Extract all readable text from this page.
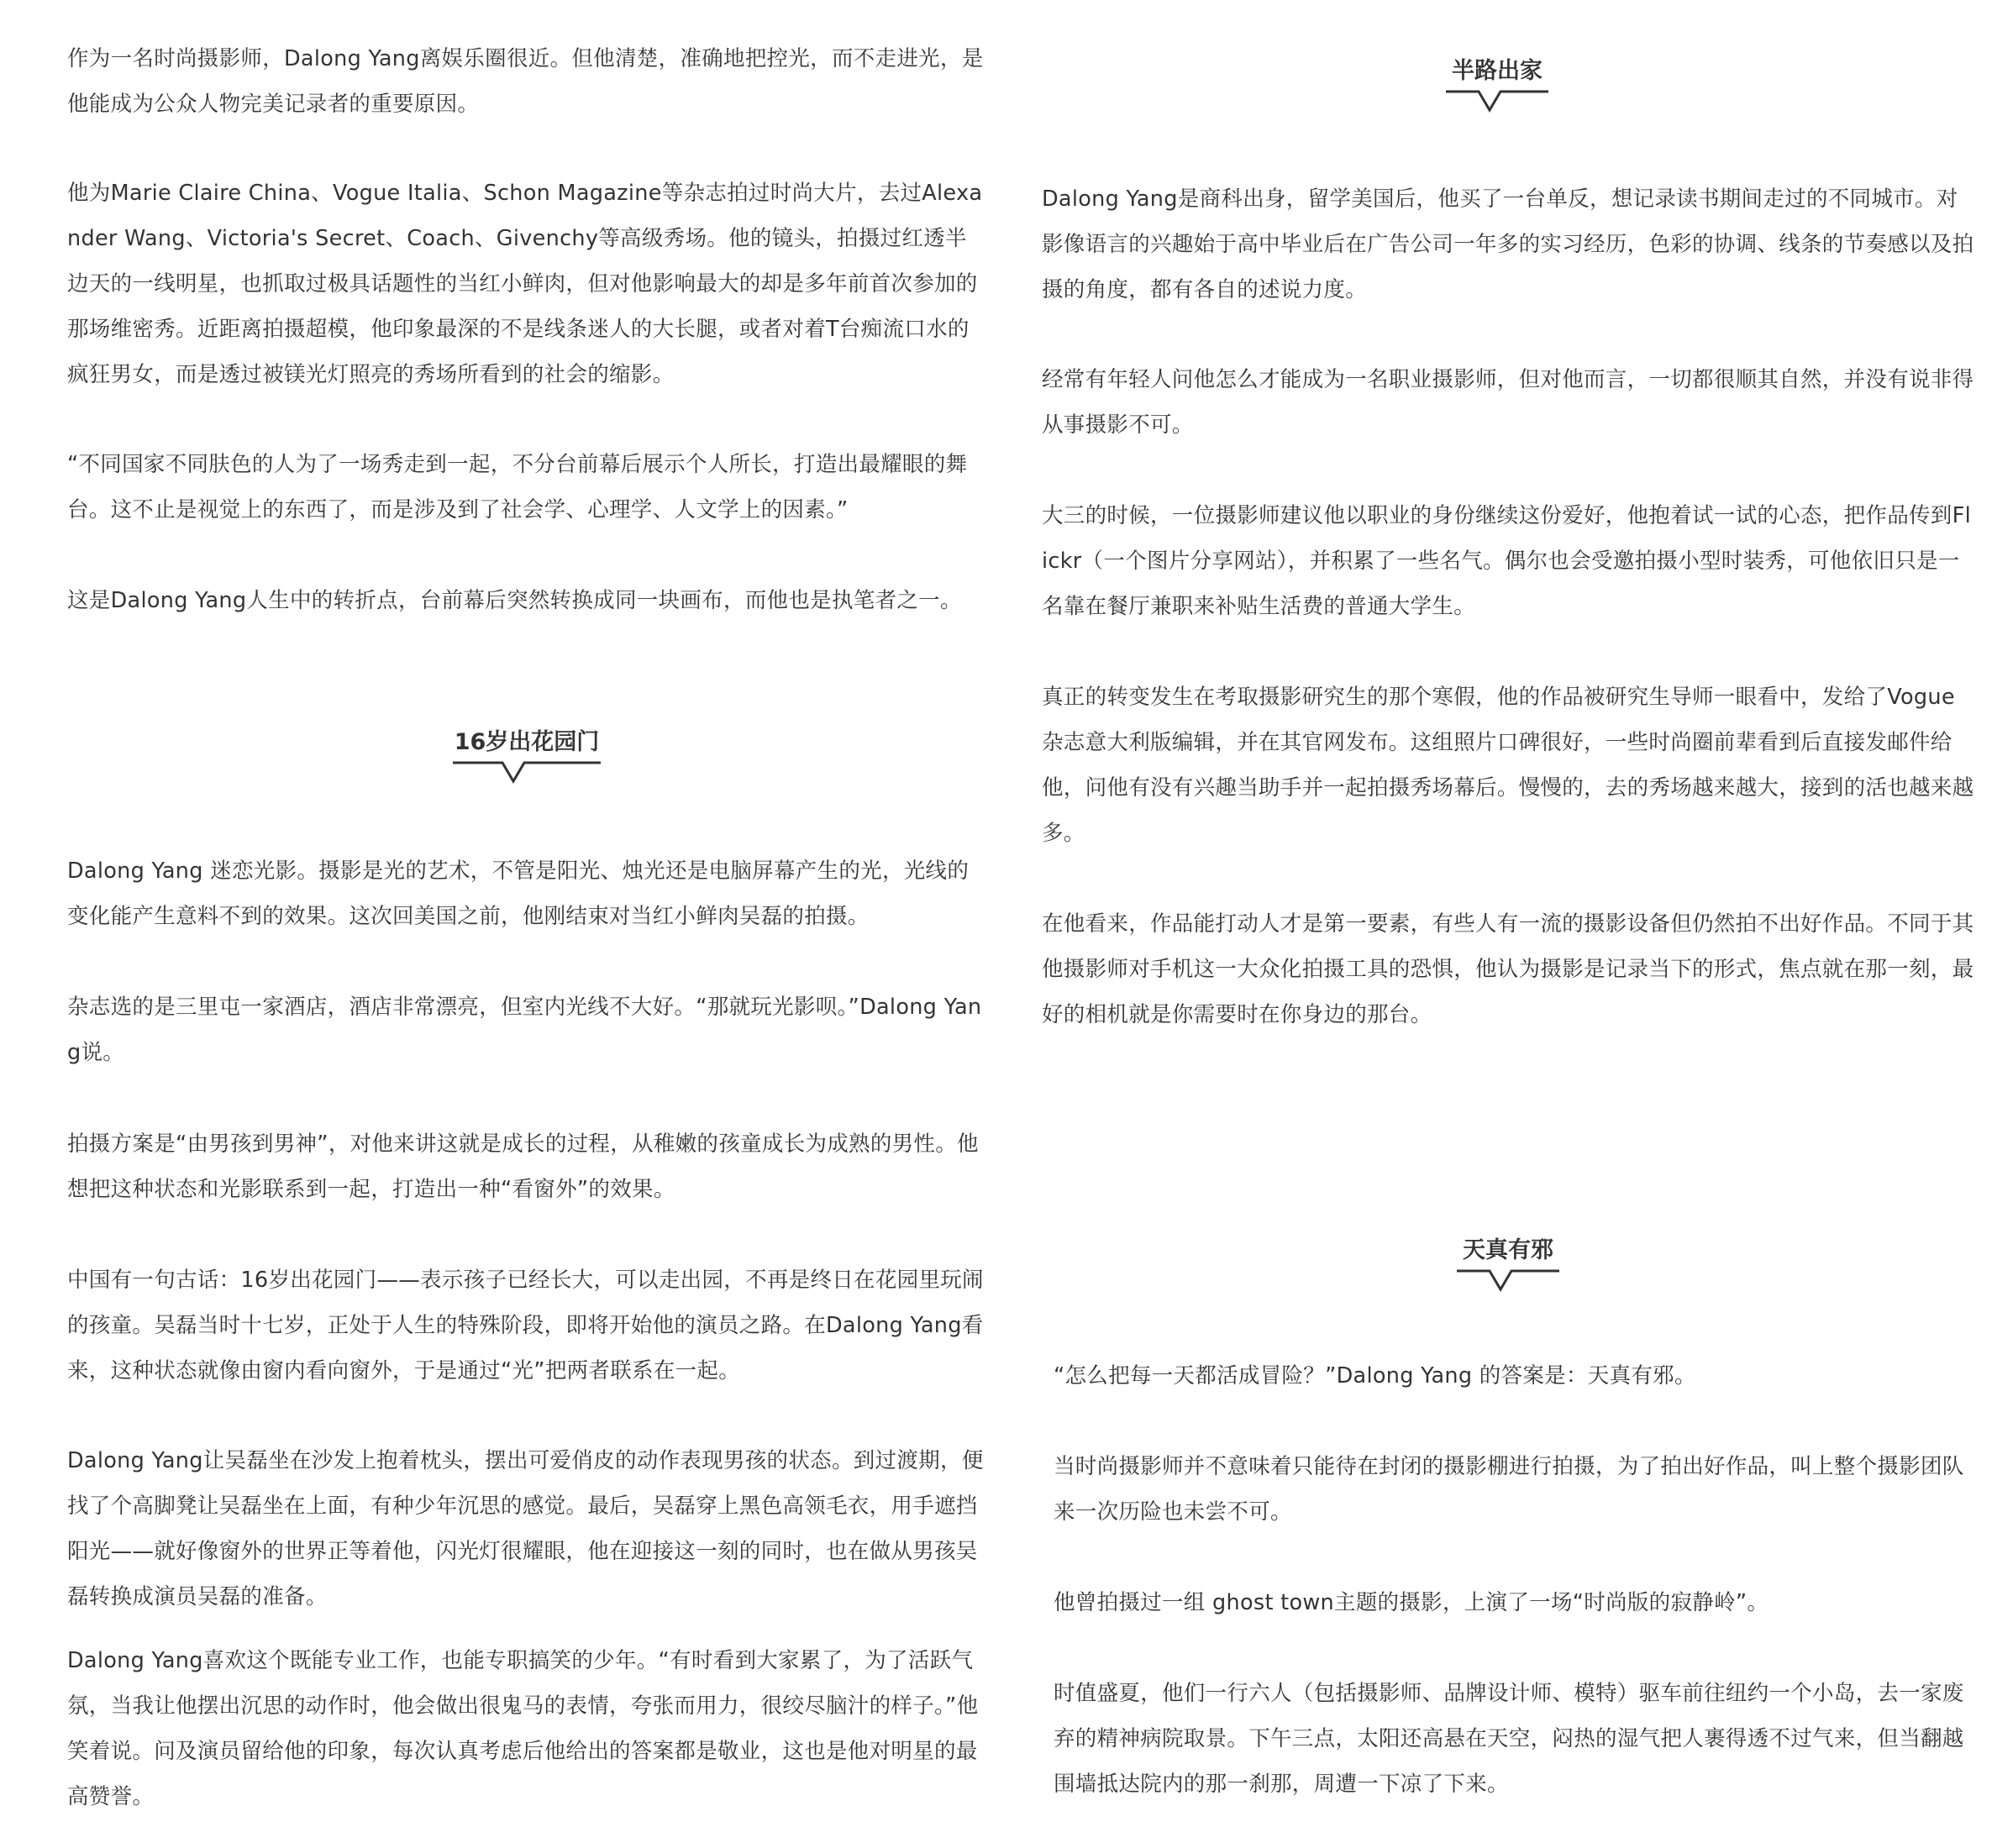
作为一名时尚摄影师，Dalong Yang离娱乐圈很近。但他清楚，准确地把控光，而不走进光，是他能成为公众人物完美记录者的重要原因。

他为Marie Claire China、Vogue Italia、Schon Magazine等杂志拍过时尚大片，去过Alexander Wang、Victoria's Secret、Coach、Givenchy等高级秀场。他的镜头，拍摄过红透半边天的一线明星，也抓取过极具话题性的当红小鲜肉，但对他影响最大的却是多年前首次参加的那场维密秀。近距离拍摄超模，他印象最深的不是线条迷人的大长腿，或者对着T台痴流口水的疯狂男女，而是透过被镁光灯照亮的秀场所看到的社会的缩影。

“不同国家不同肤色的人为了一场秀走到一起，不分台前幕后展示个人所长，打造出最耀眼的舞台。这不止是视觉上的东西了，而是涉及到了社会学、心理学、人文学上的因素。”

这是Dalong Yang人生中的转折点，台前幕后突然转换成同一块画布，而他也是执笔者之一。

16岁出花园门

Dalong Yang 迷恋光影。摄影是光的艺术，不管是阳光、烛光还是电脑屏幕产生的光，光线的变化能产生意料不到的效果。这次回美国之前，他刚结束对当红小鲜肉吴磊的拍摄。

杂志选的是三里屯一家酒店，酒店非常漂亮，但室内光线不大好。“那就玩光影呗。”Dalong Yang说。

拍摄方案是“由男孩到男神”，对他来讲这就是成长的过程，从稚嫩的孩童成长为成熟的男性。他想把这种状态和光影联系到一起，打造出一种“看窗外”的效果。

中国有一句古话：16岁出花园门——表示孩子已经长大，可以走出园，不再是终日在花园里玩闹的孩童。吴磊当时十七岁，正处于人生的特殊阶段，即将开始他的演员之路。在Dalong Yang看来，这种状态就像由窗内看向窗外，于是通过“光”把两者联系在一起。

Dalong Yang让吴磊坐在沙发上抱着枕头，摆出可爱俏皮的动作表现男孩的状态。到过渡期，便找了个高脚凳让吴磊坐在上面，有种少年沉思的感觉。最后，吴磊穿上黑色高领毛衣，用手遮挡阳光——就好像窗外的世界正等着他，闪光灯很耀眼，他在迎接这一刻的同时，也在做从男孩吴磊转换成演员吴磊的准备。

Dalong Yang喜欢这个既能专业工作，也能专职搞笑的少年。“有时看到大家累了，为了活跃气氛，当我让他摆出沉思的动作时，他会做出很鬼马的表情，夸张而用力，很绞尽脑汁的样子。”他笑着说。问及演员留给他的印象，每次认真考虑后他给出的答案都是敬业，这也是他对明星的最高赞誉。

半路出家

Dalong Yang是商科出身，留学美国后，他买了一台单反，想记录读书期间走过的不同城市。对影像语言的兴趣始于高中毕业后在广告公司一年多的实习经历，色彩的协调、线条的节奏感以及拍摄的角度，都有各自的述说力度。

经常有年轻人问他怎么才能成为一名职业摄影师，但对他而言，一切都很顺其自然，并没有说非得从事摄影不可。

大三的时候，一位摄影师建议他以职业的身份继续这份爱好，他抱着试一试的心态，把作品传到Flickr（一个图片分享网站），并积累了一些名气。偶尔也会受邀拍摄小型时装秀，可他依旧只是一名靠在餐厅兼职来补贴生活费的普通大学生。

真正的转变发生在考取摄影研究生的那个寒假，他的作品被研究生导师一眼看中，发给了Vogue杂志意大利版编辑，并在其官网发布。这组照片口碑很好，一些时尚圈前辈看到后直接发邮件给他，问他有没有兴趣当助手并一起拍摄秀场幕后。慢慢的，去的秀场越来越大，接到的活也越来越多。

在他看来，作品能打动人才是第一要素，有些人有一流的摄影设备但仍然拍不出好作品。不同于其他摄影师对手机这一大众化拍摄工具的恐惧，他认为摄影是记录当下的形式，焦点就在那一刻，最好的相机就是你需要时在你身边的那台。

天真有邪

“怎么把每一天都活成冒险？”Dalong Yang 的答案是：天真有邪。

当时尚摄影师并不意味着只能待在封闭的摄影棚进行拍摄，为了拍出好作品，叫上整个摄影团队来一次历险也未尝不可。

他曾拍摄过一组 ghost town主题的摄影，上演了一场“时尚版的寂静岭”。

时值盛夏，他们一行六人（包括摄影师、品牌设计师、模特）驱车前往纽约一个小岛，去一家废弃的精神病院取景。下午三点，太阳还高悬在天空，闷热的湿气把人裹得透不过气来，但当翻越围墙抵达院内的那一刹那，周遭一下凉了下来。
